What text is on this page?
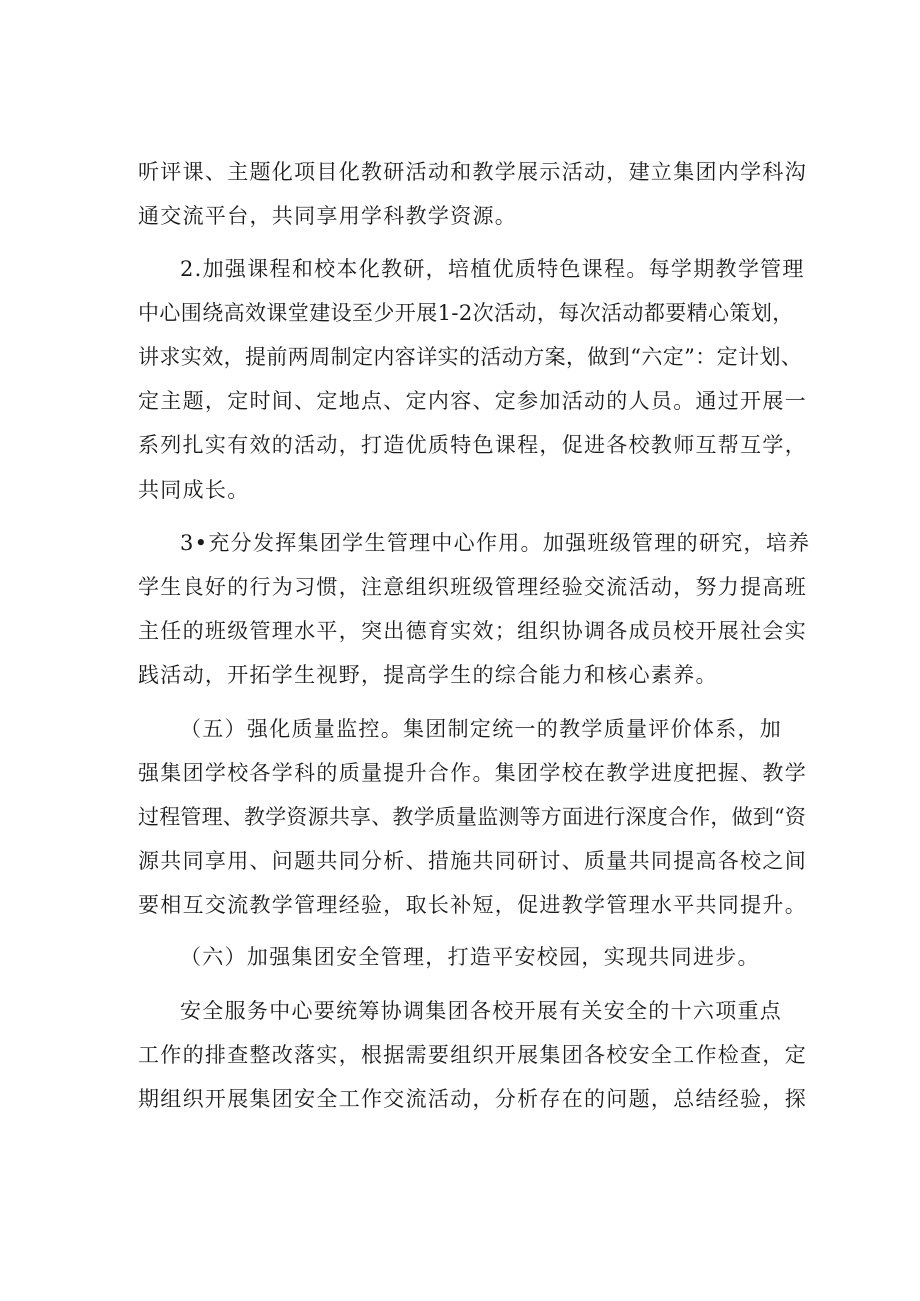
听评课、主题化项目化教研活动和教学展示活动，建立集团内学科沟
通交流平台，共同享用学科教学资源。
2.加强课程和校本化教研，培植优质特色课程。每学期教学管理
中心围绕高效课堂建设至少开展1-2次活动，每次活动都要精心策划，
讲求实效，提前两周制定内容详实的活动方案，做到“六定”：定计划、
定主题，定时间、定地点、定内容、定参加活动的人员。通过开展一
系列扎实有效的活动，打造优质特色课程，促进各校教师互帮互学，
共同成长。
3•充分发挥集团学生管理中心作用。加强班级管理的研究，培养
学生良好的行为习惯，注意组织班级管理经验交流活动，努力提高班
主任的班级管理水平，突出德育实效；组织协调各成员校开展社会实
践活动，开拓学生视野，提高学生的综合能力和核心素养。
（五）强化质量监控。集团制定统一的教学质量评价体系，加
强集团学校各学科的质量提升合作。集团学校在教学进度把握、教学
过程管理、教学资源共享、教学质量监测等方面进行深度合作，做到“资
源共同享用、问题共同分析、措施共同研讨、质量共同提高各校之间
要相互交流教学管理经验，取长补短，促进教学管理水平共同提升。
（六）加强集团安全管理，打造平安校园，实现共同进步。
安全服务中心要统筹协调集团各校开展有关安全的十六项重点
工作的排查整改落实，根据需要组织开展集团各校安全工作检查，定
期组织开展集团安全工作交流活动，分析存在的问题，总结经验，探
